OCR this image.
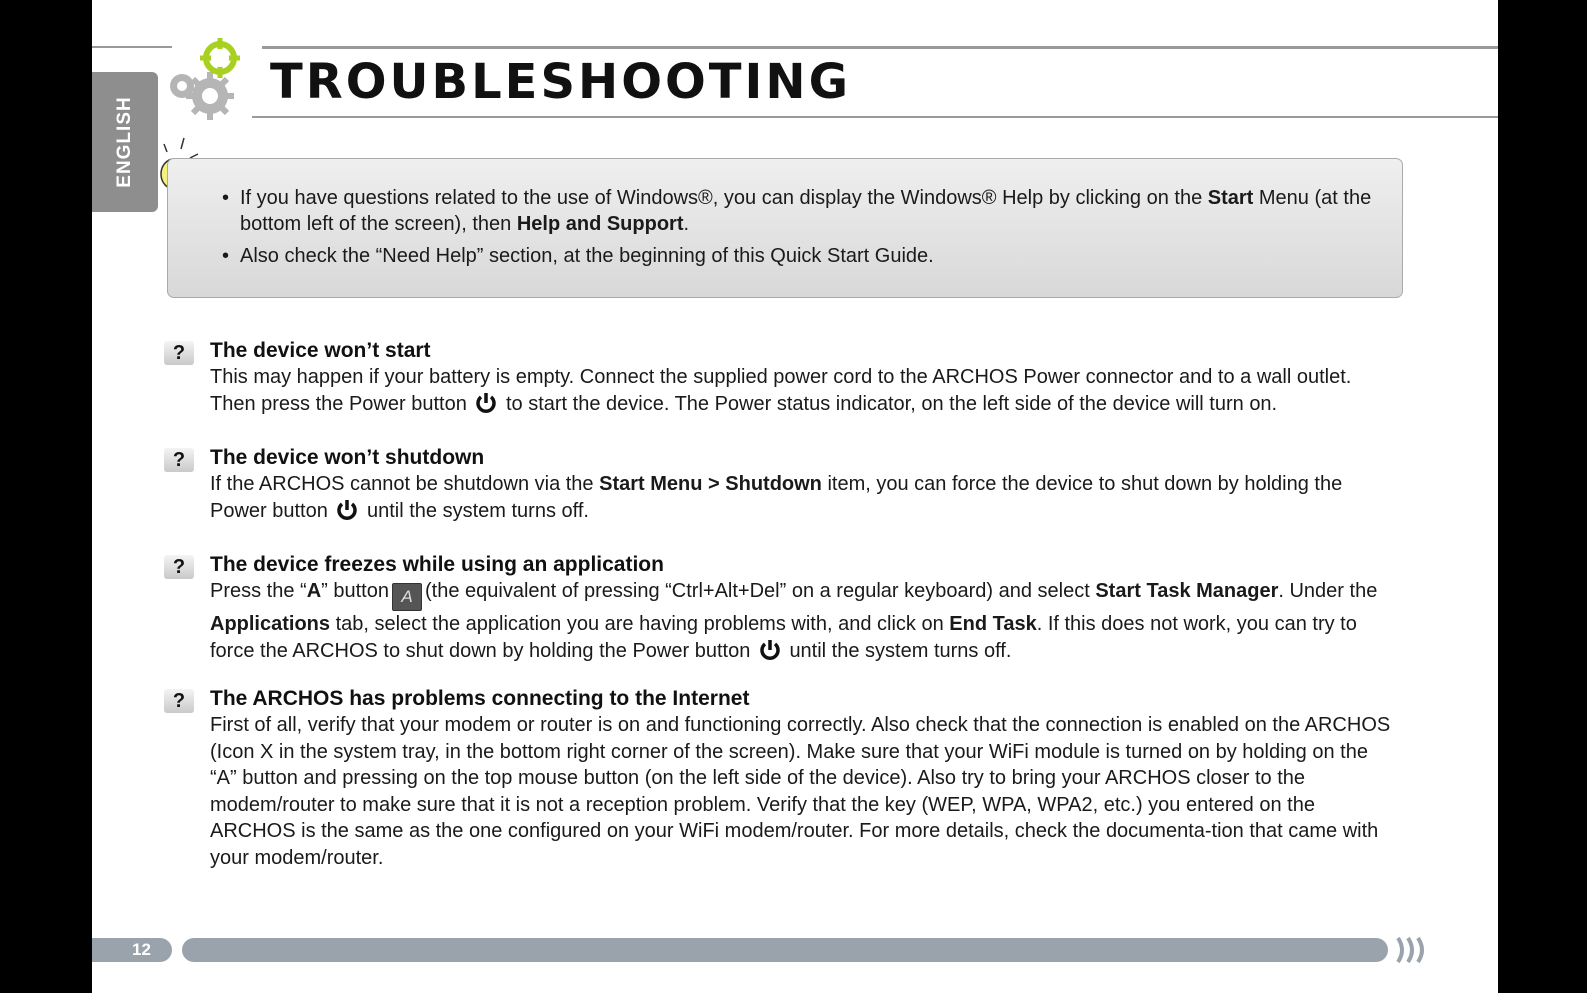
ENGLISH
TROUBLESHOOTING
• If you have questions related to the use of Windows®, you can display the Windows® Help by clicking on the Start Menu (at the bottom left of the screen), then Help and Support.
• Also check the “Need Help” section, at the beginning of this Quick Start Guide.
?	The device won’t start
This may happen if your battery is empty. Connect the supplied power cord to the ARCHOS Power connector and to a wall outlet. Then press the Power button to start the device. The Power status indicator, on the left side of the device will turn on.
?	The device won’t shutdown
If the ARCHOS cannot be shutdown via the Start Menu > Shutdown item, you can force the device to shut down by holding the Power button until the system turns off.
?	The device freezes while using an application
Press the “A” button A (the equivalent of pressing “Ctrl+Alt+Del” on a regular keyboard) and select Start Task Manager. Under the Applications tab, select the application you are having problems with, and click on End Task. If this does not work, you can try to force the ARCHOS to shut down by holding the Power button until the system turns off.
?	The ARCHOS has problems connecting to the Internet
First of all, verify that your modem or router is on and functioning correctly. Also check that the connection is enabled on the ARCHOS (Icon X in the system tray, in the bottom right corner of the screen). Make sure that your WiFi module is turned on by holding on the “A” button and pressing on the top mouse button (on the left side of the device). Also try to bring your ARCHOS closer to the modem/router to make sure that it is not a reception problem. Verify that the key (WEP, WPA, WPA2, etc.) you entered on the ARCHOS is the same as the one configured on your WiFi modem/router. For more details, check the documenta-tion that came with your modem/router.
12
